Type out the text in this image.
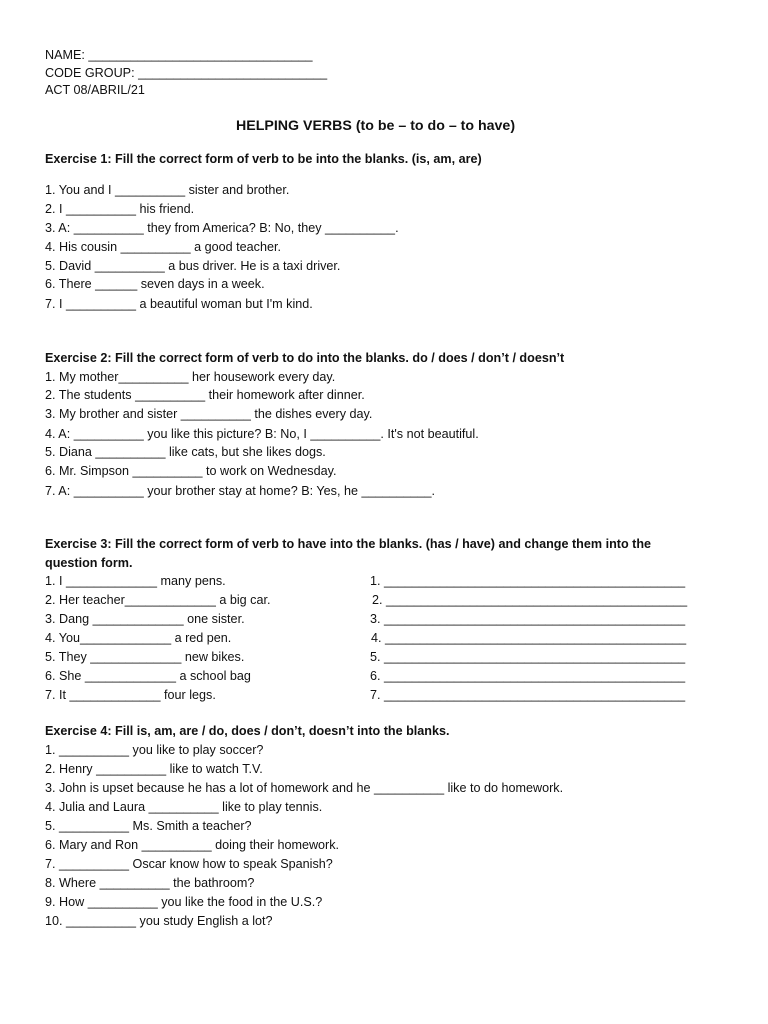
NAME: ________________________________
CODE GROUP: ___________________________
ACT 08/ABRIL/21
HELPING VERBS (to be – to do – to have)
Exercise 1: Fill the correct form of verb to be into the blanks. (is, am, are)
1. You and I __________ sister and brother.
2. I __________ his friend.
3. A: __________ they from America? B: No, they __________.
4. His cousin __________ a good teacher.
5. David __________ a bus driver. He is a taxi driver.
6. There ______ seven days in a week.
7. I __________ a beautiful woman but I'm kind.
Exercise 2: Fill the correct form of verb to do into the blanks. do / does / don’t / doesn’t
1. My mother__________ her housework every day.
2. The students __________ their homework after dinner.
3. My brother and sister __________ the dishes every day.
4. A: __________ you like this picture? B: No, I __________. It's not beautiful.
5. Diana __________ like cats, but she likes dogs.
6. Mr. Simpson __________ to work on Wednesday.
7. A: __________ your brother stay at home? B: Yes, he __________.
Exercise 3: Fill the correct form of verb to have into the blanks. (has / have) and change them into the
question form.
1. I _____________ many pens.
2. Her teacher_____________ a big car.
3. Dang _____________ one sister.
4. You_____________ a red pen.
5. They _____________ new bikes.
6. She _____________ a school bag
7. It _____________ four legs.
1. ___________________________________________
2. ___________________________________________
3. ___________________________________________
4. ___________________________________________
5. ___________________________________________
6. ___________________________________________
7. ___________________________________________
Exercise 4: Fill is, am, are / do, does / don’t, doesn’t into the blanks.
1. __________ you like to play soccer?
2. Henry __________ like to watch T.V.
3. John is upset because he has a lot of homework and he __________ like to do homework.
4. Julia and Laura __________ like to play tennis.
5. __________ Ms. Smith a teacher?
6. Mary and Ron __________ doing their homework.
7. __________ Oscar know how to speak Spanish?
8. Where __________ the bathroom?
9. How __________ you like the food in the U.S.?
10. __________ you study English a lot?
